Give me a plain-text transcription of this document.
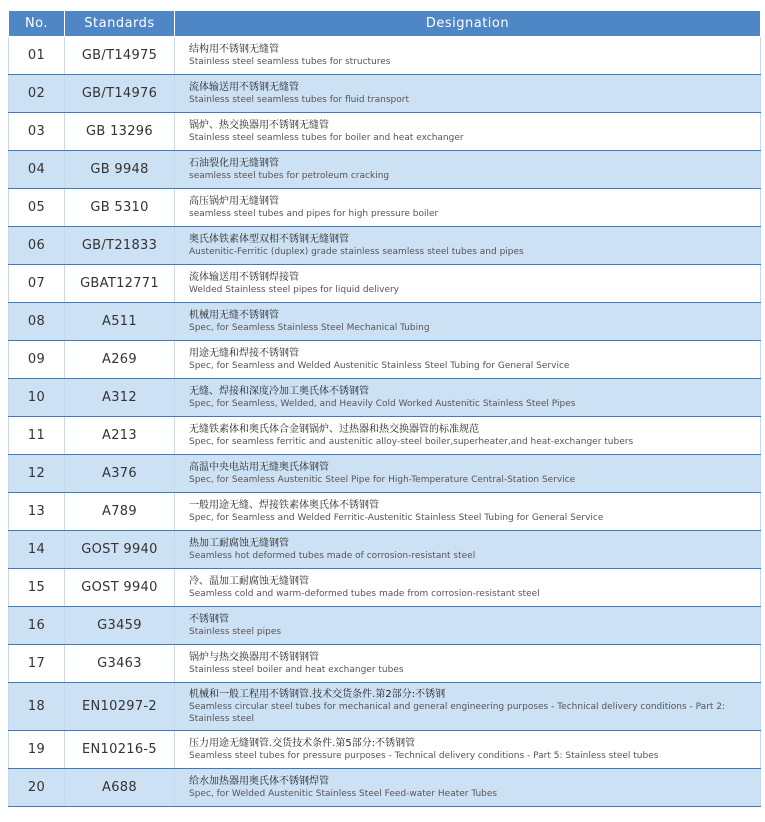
No.	Standards	Designation
01	GB/T14975	结构用不锈钢无缝管
Stainless steel seamless tubes for structures

02	GB/T14976	流体输送用不锈钢无缝管
Stainless steel seamless tubes for fluid transport

03	GB 13296	锅炉、热交换器用不锈钢无缝管
Stainless steel seamless tubes for boiler and heat exchanger

04	GB 9948	石油裂化用无缝钢管
seamless steel tubes for petroleum cracking

05	GB 5310	高压锅炉用无缝钢管
seamless steel tubes and pipes for high pressure boiler

06	GB/T21833	奥氏体铁素体型双相不锈钢无缝钢管
Austenitic-Ferritic (duplex) grade stainless seamless steel tubes and pipes

07	GBAT12771	流体输送用不锈钢焊接管
Welded Stainless steel pipes for liquid delivery

08	A511	机械用无缝不锈钢管
Spec, for Seamless Stainless Steel Mechanical Tubing

09	A269	用途无缝和焊接不锈钢管
Spec, for Seamless and Welded Austenitic Stainless Steel Tubing for General Service

10	A312	无缝、焊接和深度冷加工奥氏体不锈钢管
Spec, for Seamless, Welded, and Heavily Cold Worked Austenitic Stainless Steel Pipes

11	A213	无缝铁素体和奥氏体合金钢锅炉、过热器和热交换器管的标准规范
Spec, for seamless ferritic and austenitic alloy-steel boiler,superheater,and heat-exchanger tubers

12	A376	高温中央电站用无缝奥氏体钢管
Spec, for Seamless Austenitic Steel Pipe for High-Temperature Central-Station Service

13	A789	一般用途无缝、焊接铁素体奥氏体不锈钢管
Spec, for Seamless and Welded Ferritic-Austenitic Stainless Steel Tubing for General Service

14	GOST 9940	热加工耐腐蚀无缝钢管
Seamless hot deformed tubes made of corrosion-resistant steel

15	GOST 9940	冷、温加工耐腐蚀无缝钢管
Seamless cold and warm-deformed tubes made from corrosion-resistant steel

16	G3459	不锈钢管
Stainless steel pipes

17	G3463	锅炉与热交换器用不锈钢钢管
Stainless steel boiler and heat exchanger tubes

18	EN10297-2	机械和一般工程用不锈钢管.技术交货条件.第2部分:不锈钢
Seamless circular steel tubes for mechanical and general engineering purposes - Technical delivery conditions - Part 2: Stainless steel

19	EN10216-5	压力用途无缝钢管.交货技术条件.第5部分:不锈钢管
Seamless steel tubes for pressure purposes - Technical delivery conditions - Part 5: Stainless steel tubes

20	A688	给水加热器用奥氏体不锈钢焊管
Spec, for Welded Austenitic Stainless Steel Feed-water Heater Tubes
